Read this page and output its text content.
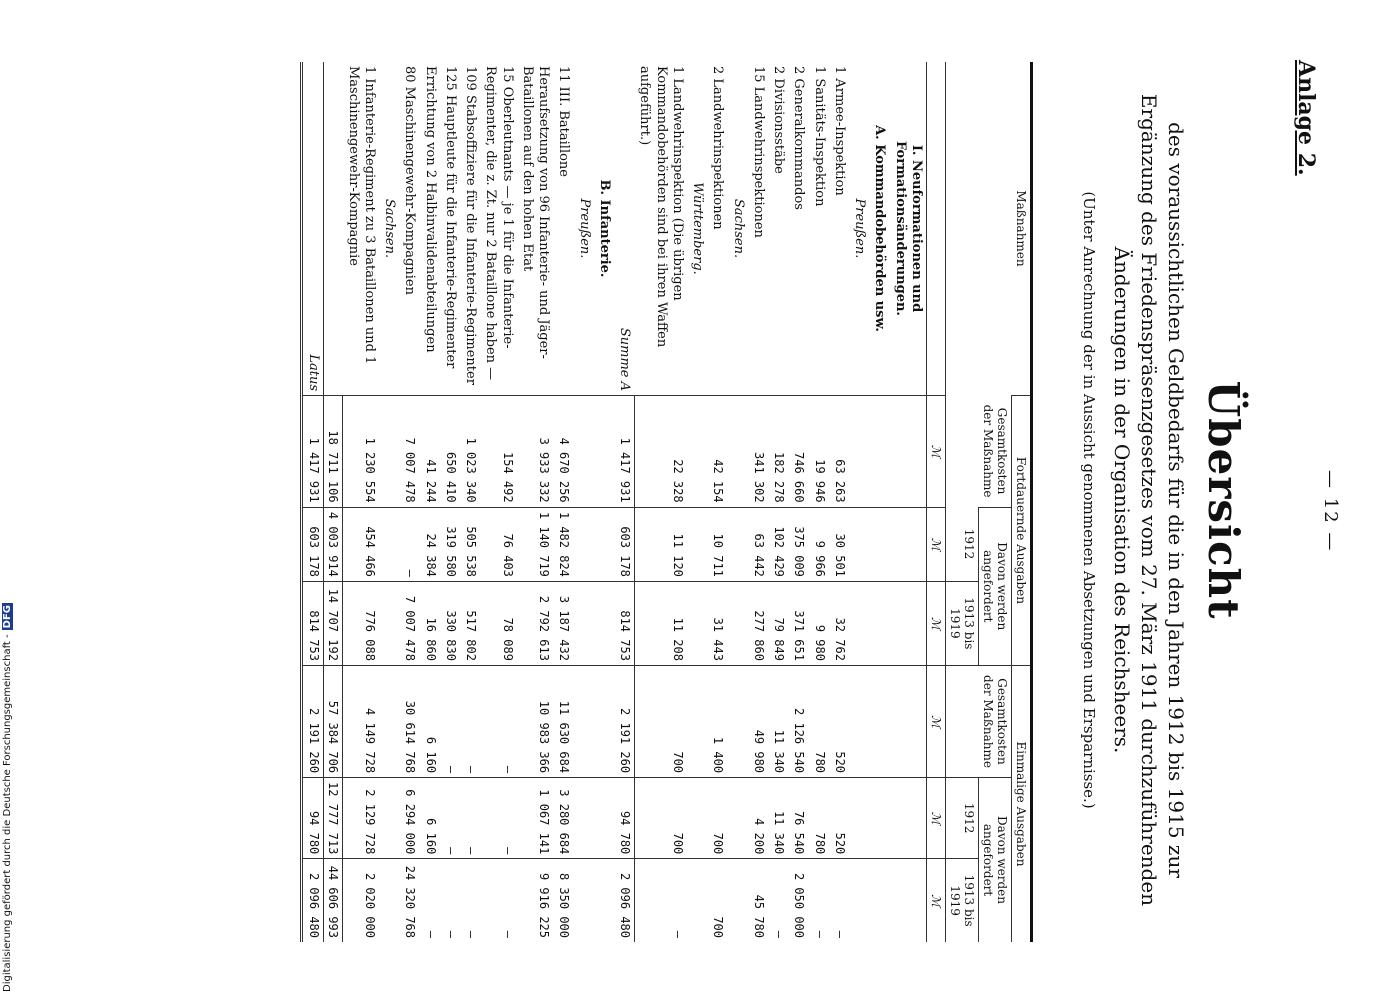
Anlage 2.
— 12 —
Übersicht
des voraussichtlichen Geldbedarfs für die in den Jahren 1912 bis 1915 zur
Ergänzung des Friedenspräsenzgesetzes vom 27. März 1911 durchzuführenden
Änderungen in der Organisation des Reichsheers.
(Unter Anrechnung der in Aussicht genommenen Absetzungen und Ersparnisse.)
Maßnahmen	Fortdauernde Ausgaben			Einmalige Ausgaben		
	Gesamtkosten der Maßnahme	Davon werden angefordert		Gesamtkosten der Maßnahme	Davon werden angefordert	
		1912	1913 bis 1919		1912	1913 bis 1919
	ℳ	ℳ	ℳ	ℳ	ℳ	ℳ
I. Neuformationen und Formationsänderungen.						
A. Kommandobehörden usw.						
Preußen.						
1 Armee-Inspektion	63 263	30 501	32 762	520	520	—
1 Sanitäts-Inspektion	19 946	9 966	9 980	780	780	—
2 Generalkommandos	746 660	375 009	371 651	2 126 540	76 540	2 050 000
2 Divisionsstäbe	182 278	102 429	79 849	11 340	11 340	—
15 Landwehrinspektionen	341 302	63 442	277 860	49 980	4 200	45 780
Sachsen.						
2 Landwehrinspektionen	42 154	10 711	31 443	1 400	700	700
Württemberg.						
1 Landwehrinspektion (Die übrigen Kommandobehörden sind bei ihren Waffen aufgeführt.)	22 328	11 120	11 208	700	700	—
Summe A	1 417 931	603 178	814 753	2 191 260	94 780	2 096 480
B. Infanterie.						
Preußen.						
11 III. Bataillone	4 670 256	1 482 824	3 187 432	11 630 684	3 280 684	8 350 000
Heraufsetzung von 96 Infanterie- und Jäger-Bataillonen auf den hohen Etat	3 933 332	1 140 719	2 792 613	10 983 366	1 067 141	9 916 225
15 Oberleutnants — je 1 für die Infanterie-Regimenter, die z. Zt. nur 2 Bataillone haben —	154 492	76 403	78 089	—	—	—
109 Stabsoffiziere für die Infanterie-Regimenter	1 023 340	505 538	517 802	—	—	—
125 Hauptleute für die Infanterie-Regimenter	650 410	319 580	330 830	—	—	—
Errichtung von 2 Halbinvalidenabteilungen	41 244	24 384	16 860	6 160	6 160	—
80 Maschinengewehr-Kompagnien	7 007 478	—	7 007 478	30 614 768	6 294 000	24 320 768
Sachsen.						
1 Infanterie-Regiment zu 3 Bataillonen und 1 Maschinengewehr-Kompagnie	1 230 554	454 466	776 088	4 149 728	2 129 728	2 020 000
	18 711 106	4 003 914	14 707 192	57 384 706	12 777 713	44 606 993
Latus	1 417 931	603 178	814 753	2 191 260	94 780	2 096 480
Digitalisierung gefördert durch die Deutsche Forschungsgemeinschaft -DFG
